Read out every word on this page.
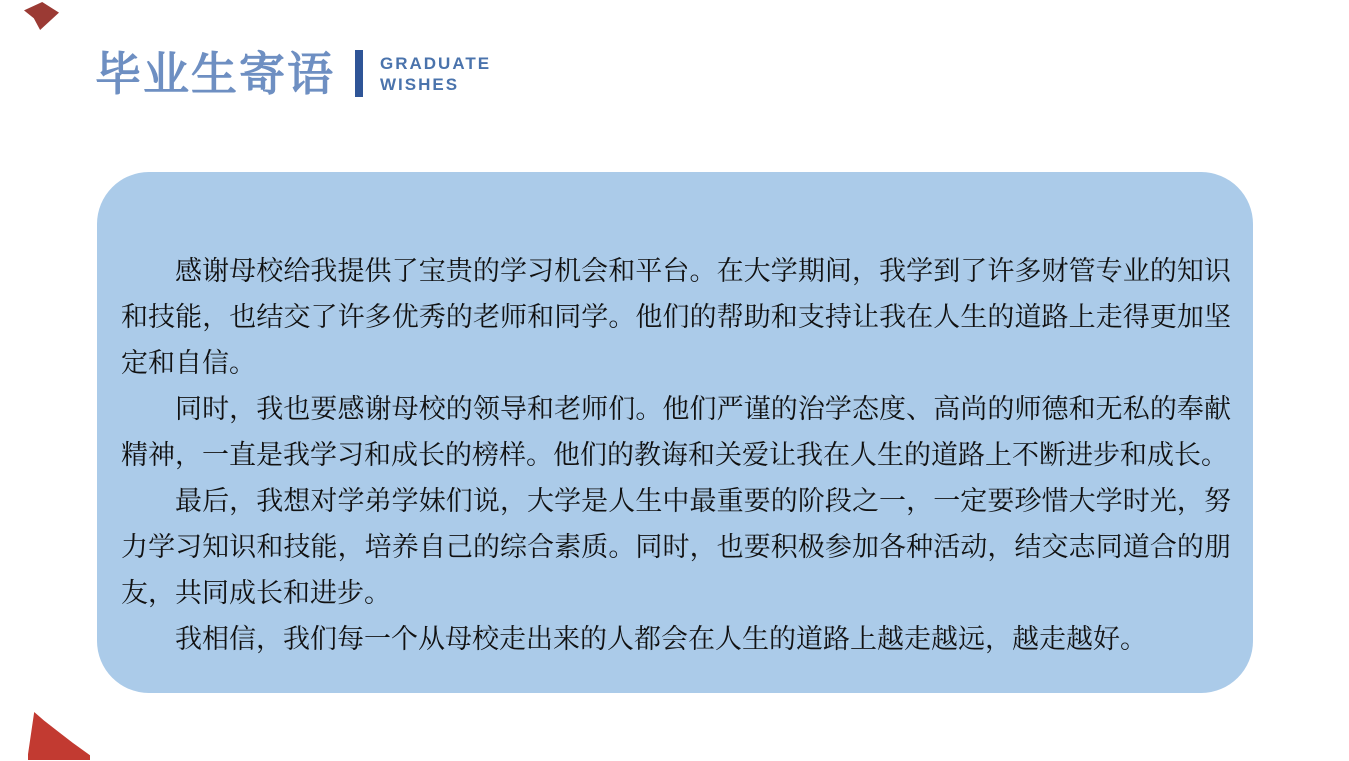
毕业生寄语	GRADUATE
WISHES

感谢母校给我提供了宝贵的学习机会和平台。在大学期间，我学到了许多财管专业的知识和技能，也结交了许多优秀的老师和同学。他们的帮助和支持让我在人生的道路上走得更加坚定和自信。

同时，我也要感谢母校的领导和老师们。他们严谨的治学态度、高尚的师德和无私的奉献精神，一直是我学习和成长的榜样。他们的教诲和关爱让我在人生的道路上不断进步和成长。

最后，我想对学弟学妹们说，大学是人生中最重要的阶段之一，一定要珍惜大学时光，努力学习知识和技能，培养自己的综合素质。同时，也要积极参加各种活动，结交志同道合的朋友，共同成长和进步。

我相信，我们每一个从母校走出来的人都会在人生的道路上越走越远，越走越好。
